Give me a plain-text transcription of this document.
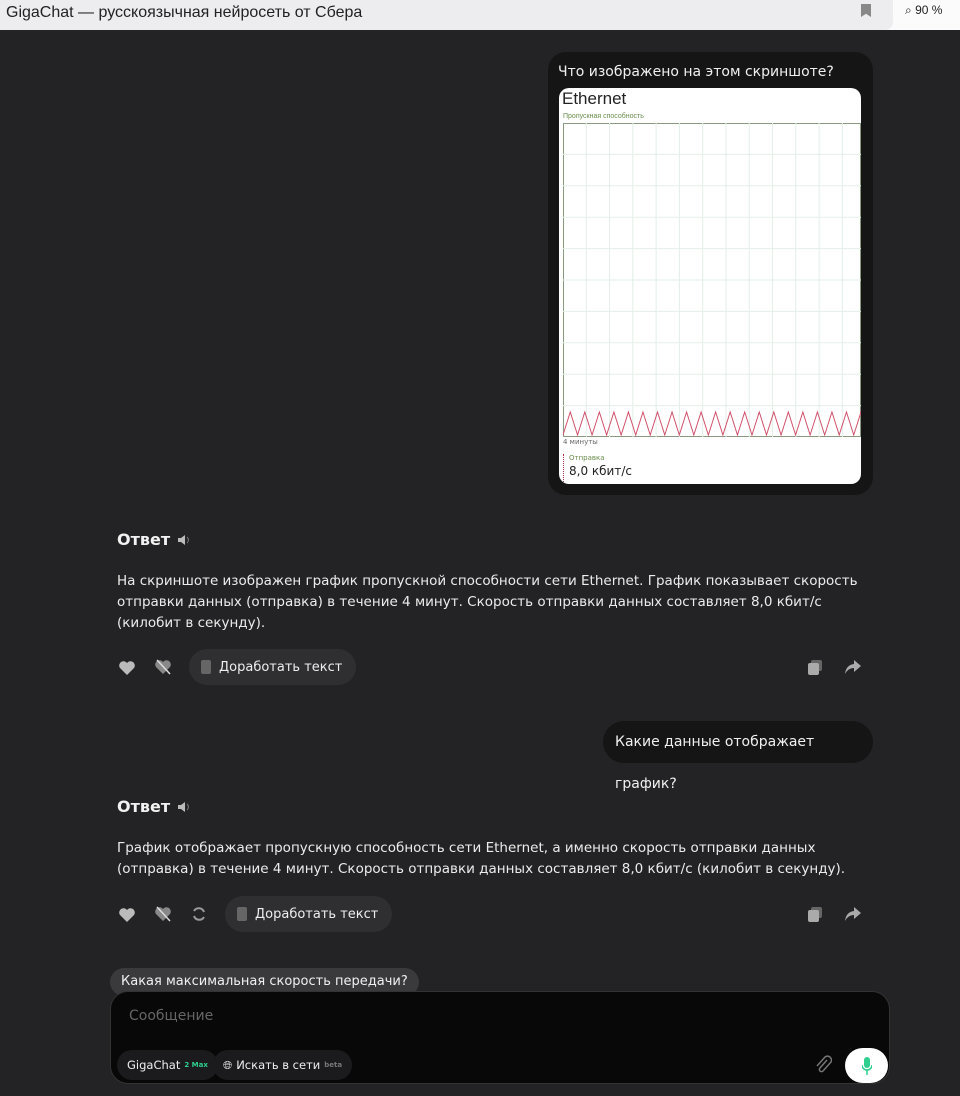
GigaChat — русскоязычная нейросеть от Сбера	⌕ 90 %
Что изображено на этом скриншоте?
Ethernet
Пропускная способность
4 минуты
Отправка
8,0 кбит/с
Ответ

На скриншоте изображен график пропускной способности сети Ethernet. График показывает скорость отправки данных (отправка) в течение 4 минут. Скорость отправки данных составляет 8,0 кбит/с (килобит в секунду).

Доработать текст
Какие данные отображает график?
Ответ

График отображает пропускную способность сети Ethernet, а именно скорость отправки данных (отправка) в течение 4 минут. Скорость отправки данных составляет 8,0 кбит/с (килобит в секунду).

Доработать текст
Какая максимальная скорость передачи?
Сообщение
GigaChat 2 Max 🌐︎ Искать в сети beta
